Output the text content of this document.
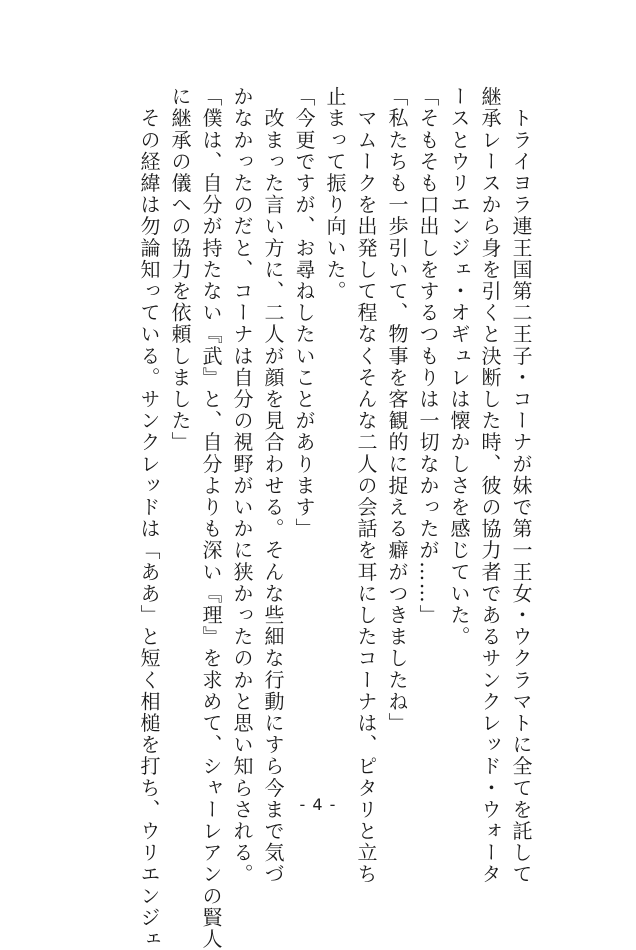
　トライヨラ連王国第二王子・コーナが妹で第一王女・ウクラマトに全てを託して
継承レースから身を引くと決断した時、彼の協力者であるサンクレッド・ウォータ
ースとウリエンジェ・オギュレは懐かしさを感じていた。
「そもそも口出しをするつもりは一切なかったが……」
「私たちも一歩引いて、物事を客観的に捉える癖がつきましたね」
　マムークを出発して程なくそんな二人の会話を耳にしたコーナは、ピタリと立ち
止まって振り向いた。
「今更ですが、お尋ねしたいことがあります」
　改まった言い方に、二人が顔を見合わせる。そんな些細な行動にすら今まで気づ
かなかったのだと、コーナは自分の視野がいかに狭かったのかと思い知らされる。
「僕は、自分が持たない『武』と、自分よりも深い『理』を求めて、シャーレアンの賢人
に継承の儀への協力を依頼しました」
　その経緯は勿論知っている。サンクレッドは「ああ」と短く相槌を打ち、ウリエンジェ	- 4 -
